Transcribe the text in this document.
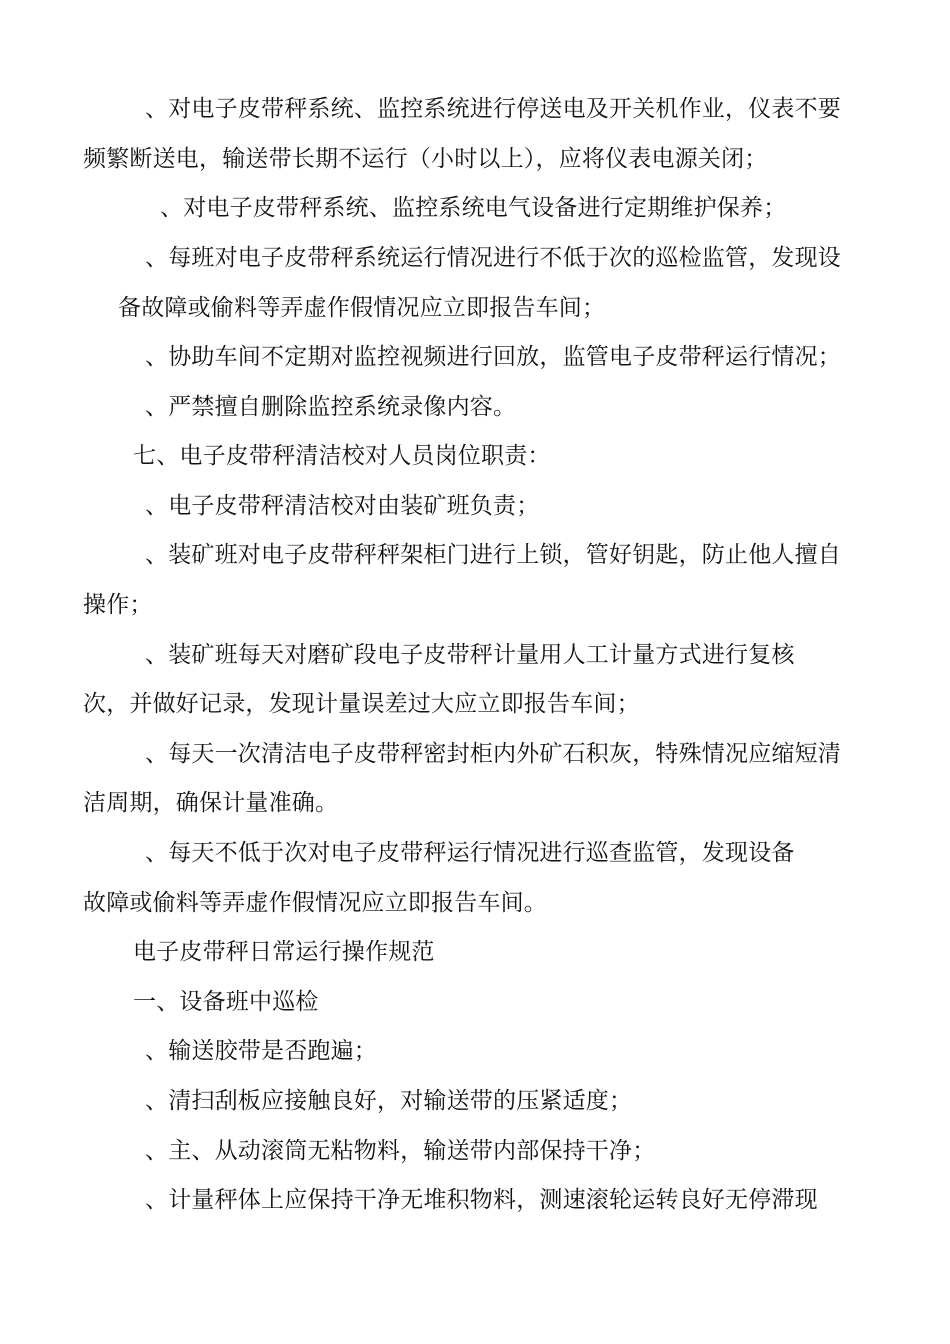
、对电子皮带秤系统、监控系统进行停送电及开关机作业，仪表不要

频繁断送电，输送带长期不运行（小时以上），应将仪表电源关闭；

、对电子皮带秤系统、监控系统电气设备进行定期维护保养；

、每班对电子皮带秤系统运行情况进行不低于次的巡检监管，发现设

备故障或偷料等弄虚作假情况应立即报告车间；

、协助车间不定期对监控视频进行回放，监管电子皮带秤运行情况；

、严禁擅自删除监控系统录像内容。

七、电子皮带秤清洁校对人员岗位职责：

、电子皮带秤清洁校对由装矿班负责；

、装矿班对电子皮带秤秤架柜门进行上锁，管好钥匙，防止他人擅自

操作；

、装矿班每天对磨矿段电子皮带秤计量用人工计量方式进行复核

次，并做好记录，发现计量误差过大应立即报告车间；

、每天一次清洁电子皮带秤密封柜内外矿石积灰，特殊情况应缩短清

洁周期，确保计量准确。

、每天不低于次对电子皮带秤运行情况进行巡查监管，发现设备

故障或偷料等弄虚作假情况应立即报告车间。

电子皮带秤日常运行操作规范

一、设备班中巡检

、输送胶带是否跑遍；

、清扫刮板应接触良好，对输送带的压紧适度；

、主、从动滚筒无粘物料，输送带内部保持干净；

、计量秤体上应保持干净无堆积物料，测速滚轮运转良好无停滞现
